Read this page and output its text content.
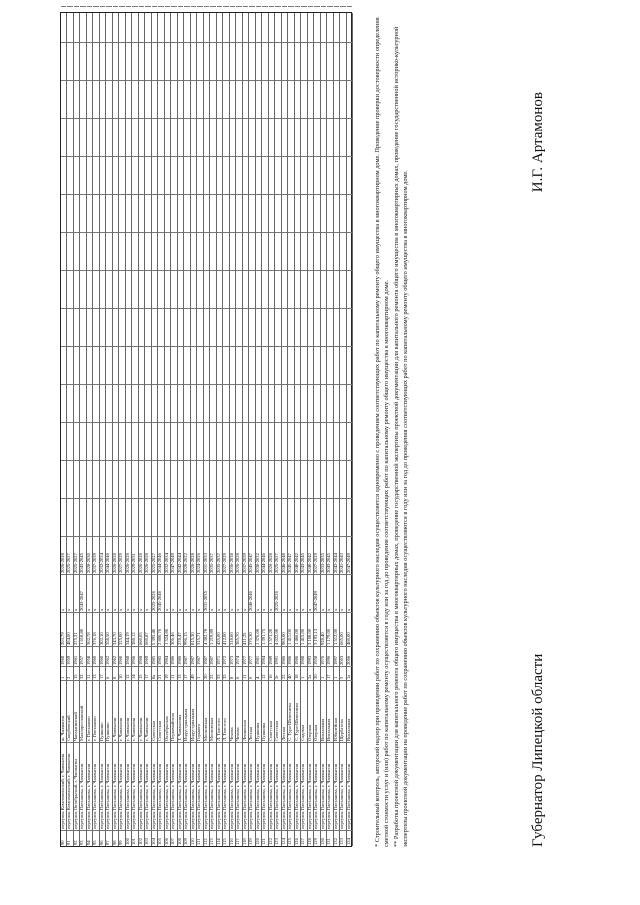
90
переулок Комсомольский, г. Чаплыгин
ж. Чаплыгин
1
1968
263,79
х
2026-2028
91
переулок Комсомольский, г. Чаплыгин
Скорбовский
2
1959
484,00
х
2025-2027
92
переулок Октябрьский, г. Чаплыгин
Чаплыгинский
15
1961
375,31
х
2025-2027
93
переулок Плеханова, г. Чаплыгин
Малоярославский
32
1957
1 618,80
2043-2047
2043-2045
94
переулок Плеханова, г. Чаплыгин
г. Плеханово
11
1958
362,78
х
2028-2030
95
переулок Плеханова, г. Чаплыгин
г. Плеханово
13
1960
376,18
х
2037-2039
96
переулок Плеханова, г. Чаплыгин
Пушкино
17
1960
302,10
х
2032-2034
97
переулок Плеханова, г. Чаплыгин
Пушкино
6
1962
358,50
х
2044-2046
98
переулок Плеханова, г. Чаплыгин
г. Чаплыгин
8
1962
343,70
х
2026-2028
99
переулок Плеханова, г. Чаплыгин
г. Чаплыгин
10
1960
325,00
х
2027-2029
100
переулок Плеханова, г. Чаплыгин
г. Чаплыгин
12
1968
344,19
х
2026-2028
101
переулок Плеханова, г. Чаплыгин
г. Чаплыгин
14
1966
388,12
х
2029-2031
102
переулок Плеханова, г. Чаплыгин
г. Чаплыгин
15
1968
660,05
х
2026-2028
103
переулок Плеханова, г. Чаплыгин
г. Чаплыгин
17
1969
660,87
х
2026-2028
104
переулок Плеханова, г. Чаплыгин
Советская
8а
1985
5 395,40
2025-2026
2025-2027
105
переулок Плеханова, г. Чаплыгин
Советская
21
1985
2 800,76
2045-2046
2044-2046
106
переулок Плеханова, г. Чаплыгин
Октябрьская
19
1984
1 524,86
х
2032-2034
107
переулок Плеханова, г. Чаплыгин
Первомайская
11
1986
306,46
х
2047-2049
108
переулок Плеханова, г. Чаплыгин
Т. Чаплыгина
13
1986
278,47
х
2042-2044
109
переулок Плеханова, г. Чаплыгин
Индустриальная
17
1987
996,15
х
2020-2022
110
переулок Плеханова, г. Чаплыгин
Индустриальная
49
1987
815,30
х
2026-2028
111
переулок Плеханова, г. Чаплыгин
Горького
1
1987
315,71
х
2024-2026
112
переулок Плеханова, г. Чаплыгин
Московская
20
1987
4 382,78
2031-2035
2031-2033
113
переулок Плеханова, г. Чаплыгин
Московская
22
1987
1 219,89
х
2035-2037
114
переулок Плеханова, г. Чаплыгин
Л. Толстого
33
1971
435,00
х
2035-2037
115
переулок Плеханова, г. Чаплыгин
Л. Толстого
35
1972
412,00
х
2027-2029
116
переулок Плеханова, г. Чаплыгин
Чехова
8
1973
318,00
х
2036-2038
117
переулок Плеханова, г. Чаплыгин
Чехова
6
1974
385,70
х
2026-2028
118
переулок Плеханова, г. Чаплыгин
Ленинская
11
1977
411,25
х
2037-2039
119
переулок Плеханова, г. Чаплыгин
Лесная
6
1977
370,30
2046-2046
2045-2047
120
переулок Плеханова, г. Чаплыгин
Пушкина
4
1981
1 376,00
х
2030-2032
121
переулок Плеханова, г. Чаплыгин
Пушкина
12
1984
1 391,75
х
2044-2046
122
переулок Плеханова, г. Чаплыгин
Советская
16
1989
1 571,20
х
2026-2028
123
переулок Плеханова, г. Чаплыгин
Советская
2г
1991
4 022,00
2025-2026
2025-2027
124
переулок Плеханова, г. Чаплыгин
Лесная
22
1986
985,00
х
2046-2048
125
переулок Плеханова, г. Чаплыгин
С. Тура-Шепеляева
40
1986
1 411,00
х
2045-2047
126
переулок Плеханова, г. Чаплыгин
С. Тура-Шепеляева
18
1986
1 466,00
х
2040-2042
127
переулок Плеханова, г. Чаплыгин
Садовая
1
1988
1 415,00
х
2043-2045
128
переулок Плеханова, г. Чаплыгин
Озерная
2а
1993
3 108,00
х
2040-2042
129
переулок Плеханова, г. Чаплыгин
Озерная
20
1958
3 193,13
2047-2049
2027-2029
130
переулок Плеханова, г. Чаплыгин
Вокзальная
1
1976
928,40
х
2033-2035
131
переулок Плеханова, г. Чаплыгин
Вокзальная
17
1996
1 179,00
х
2043-2045
132
переулок Плеханова, г. Чаплыгин
Юбилейная
1
1997
1 512,00
х
2042-2044
133
переулок Плеханова, г. Чаплыгин
Щербатова
5
2003
665,00
х
2041-2043
134
переулок Плеханова, г. Чаплыгин
Вокзальная
1а
2006
460,00
х
2047-2049	* Строительный контроль, авторский надзор при проведении работ по сохранению объектов культурного наследия осуществляется одновременно с проведением соответствующих работ по капитальному ремонту общего имущества в многоквартирном доме. Проведение проверки достоверности определения сметной стоимости услуг и (или) работ по капитальному ремонту осуществляется в году или за год до проведения соответствующих работ по капитальному ремонту общего имущества в многоквартирном доме. ** Разработка проектной документации для капитального ремонта общего имущества в многоквартирных домах, проведение государственной экспертизы проектной документации для капитального ремонта общего имущества в многоквартирных домах, проведение государственной историко-культурной экспертизы проектной документации на проведение работ по сохранению объектов культурного наследия осуществляются в году или за год до проведения соответствующих работ по капитальному ремонту общего имущества в многоквартирном доме.	Губернатор Липецкой области
И.Г. Артамонов
